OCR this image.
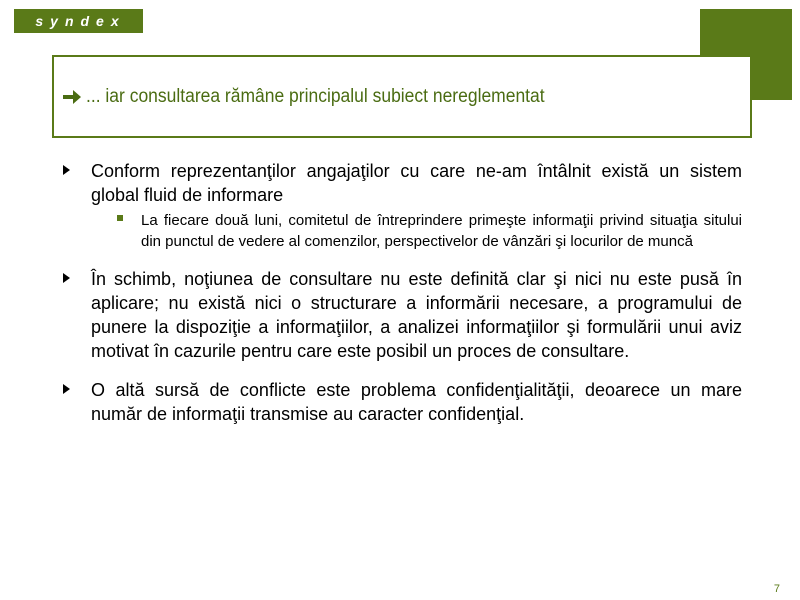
syndex
... iar consultarea rămâne principalul subiect nereglementat
Conform reprezentanţilor angajaţilor cu care ne-am întâlnit există un sistem global fluid de informare
La fiecare două luni, comitetul de întreprindere primeşte informaţii privind situaţia sitului din punctul de vedere al comenzilor, perspectivelor de vânzări şi locurilor de muncă
În schimb, noţiunea de consultare nu este definită clar şi nici nu este pusă în aplicare; nu există nici o structurare a informării necesare, a programului de punere la dispoziţie a informaţiilor, a analizei informaţiilor şi formulării unui aviz motivat în cazurile pentru care este posibil un proces de consultare.
O altă sursă de conflicte este problema confidenţialităţii, deoarece un mare număr de informaţii transmise au caracter confidenţial.
7
